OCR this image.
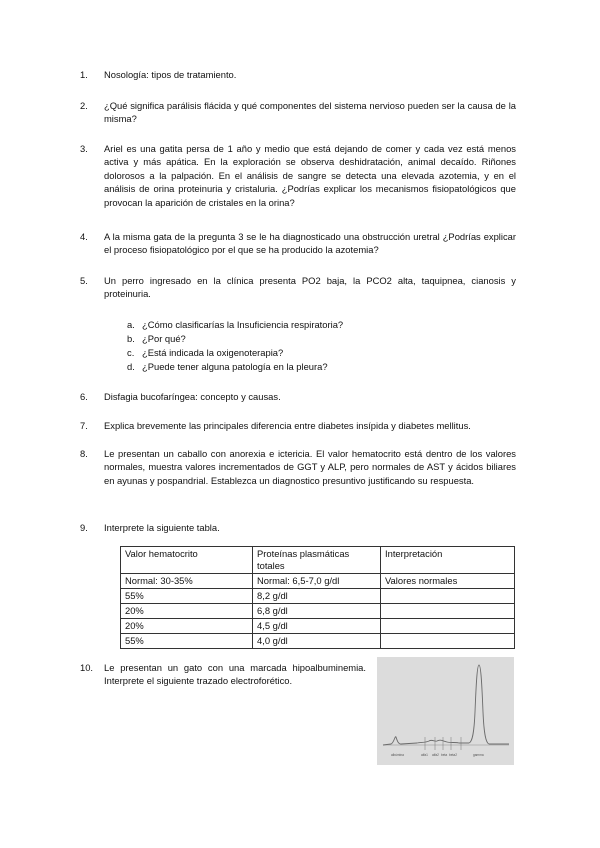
1. Nosología: tipos de tratamiento.
2. ¿Qué significa parálisis flácida y qué componentes del sistema nervioso pueden ser la causa de la misma?
3. Ariel es una gatita persa de 1 año y medio que está dejando de comer y cada vez está menos activa y más apática. En la exploración se observa deshidratación, animal decaído. Riñones dolorosos a la palpación. En el análisis de sangre se detecta una elevada azotemia, y en el análisis de orina proteinuria y cristaluria. ¿Podrías explicar los mecanismos fisiopatológicos que provocan la aparición de cristales en la orina?
4. A la misma gata de la pregunta 3 se le ha diagnosticado una obstrucción uretral ¿Podrías explicar el proceso fisiopatológico por el que se ha producido la azotemia?
5. Un perro ingresado en la clínica presenta PO2 baja, la PCO2 alta, taquipnea, cianosis y proteinuria.
a. ¿Cómo clasificarías la Insuficiencia respiratoria?
b. ¿Por qué?
c. ¿Está indicada la oxigenoterapia?
d. ¿Puede tener alguna patología en la pleura?
6. Disfagia bucofaríngea: concepto y causas.
7. Explica brevemente las principales diferencia entre diabetes insípida y diabetes mellitus.
8. Le presentan un caballo con anorexia e ictericia. El valor hematocrito está dentro de los valores normales, muestra valores incrementados de GGT y ALP, pero normales de AST y ácidos biliares en ayunas y pospandrial. Establezca un diagnostico presuntivo justificando su respuesta.
9. Interprete la siguiente tabla.
Valor hematocrito	Proteínas plasmáticas totales	Interpretación
Normal: 30-35%	Normal: 6,5-7,0 g/dl	Valores normales
55%	8,2 g/dl	
20%	6,8 g/dl	
20%	4,5 g/dl	
55%	4,0 g/dl	
10. Le presentan un gato con una marcada hipoalbuminemia. Interprete el siguiente trazado electroforético.
albúmina	alfa1 alfa2 beta beta2	gamma
